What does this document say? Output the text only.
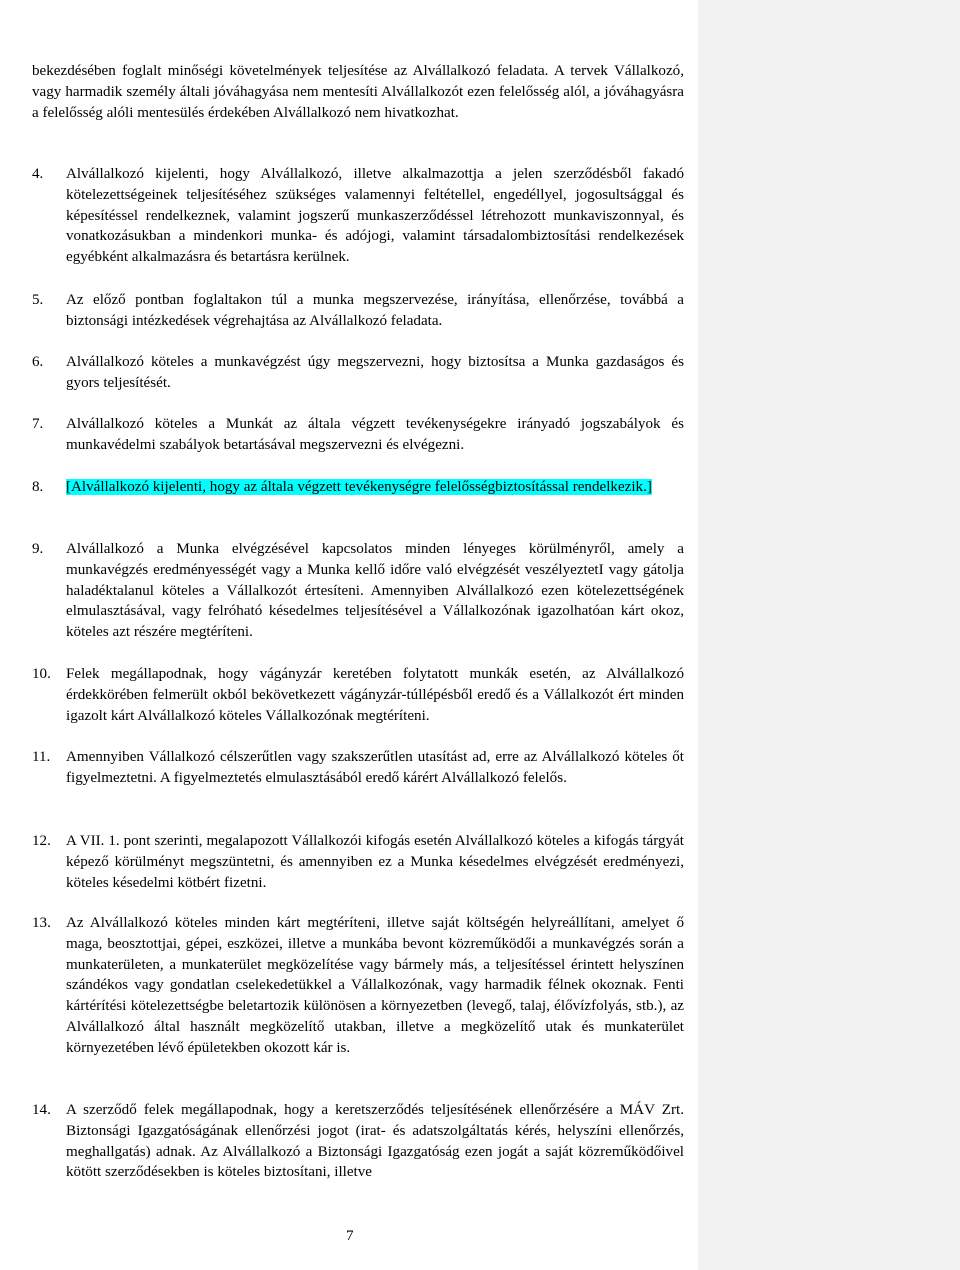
bekezdésében foglalt minőségi követelmények teljesítése az Alvállalkozó feladata. A tervek Vállalkozó, vagy harmadik személy általi jóváhagyása nem mentesíti Alvállalkozót ezen felelősség alól, a jóváhagyásra a felelősség alóli mentesülés érdekében Alvállalkozó nem hivatkozhat.

4. Alvállalkozó kijelenti, hogy Alvállalkozó, illetve alkalmazottja a jelen szerződésből fakadó kötelezettségeinek teljesítéséhez szükséges valamennyi feltétellel, engedéllyel, jogosultsággal és képesítéssel rendelkeznek, valamint jogszerű munkaszerződéssel létrehozott munkaviszonnyal, és vonatkozásukban a mindenkori munka- és adójogi, valamint társadalombiztosítási rendelkezések egyébként alkalmazásra és betartásra kerülnek.
5. Az előző pontban foglaltakon túl a munka megszervezése, irányítása, ellenőrzése, továbbá a biztonsági intézkedések végrehajtása az Alvállalkozó feladata.
6. Alvállalkozó köteles a munkavégzést úgy megszervezni, hogy biztosítsa a Munka gazdaságos és gyors teljesítését.
7. Alvállalkozó köteles a Munkát az általa végzett tevékenységekre irányadó jogszabályok és munkavédelmi szabályok betartásával megszervezni és elvégezni.
8. [Alvállalkozó kijelenti, hogy az általa végzett tevékenységre felelősségbiztosítással rendelkezik.]
9. Alvállalkozó a Munka elvégzésével kapcsolatos minden lényeges körülményről, amely a munkavégzés eredményességét vagy a Munka kellő időre való elvégzését veszélyeztetI vagy gátolja haladéktalanul köteles a Vállalkozót értesíteni. Amennyiben Alvállalkozó ezen kötelezettségének elmulasztásával, vagy felróható késedelmes teljesítésével a Vállalkozónak igazolhatóan kárt okoz, köteles azt részére megtéríteni.
10. Felek megállapodnak, hogy vágányzár keretében folytatott munkák esetén, az Alvállalkozó érdekkörében felmerült okból bekövetkezett vágányzár-túllépésből eredő és a Vállalkozót ért minden igazolt kárt Alvállalkozó köteles Vállalkozónak megtéríteni.
11. Amennyiben Vállalkozó célszerűtlen vagy szakszerűtlen utasítást ad, erre az Alvállalkozó köteles őt figyelmeztetni. A figyelmeztetés elmulasztásából eredő kárért Alvállalkozó felelős.
12. A VII. 1. pont szerinti, megalapozott Vállalkozói kifogás esetén Alvállalkozó köteles a kifogás tárgyát képező körülményt megszüntetni, és amennyiben ez a Munka késedelmes elvégzését eredményezi, köteles késedelmi kötbért fizetni.
13. Az Alvállalkozó köteles minden kárt megtéríteni, illetve saját költségén helyreállítani, amelyet ő maga, beosztottjai, gépei, eszközei, illetve a munkába bevont közreműködői a munkavégzés során a munkaterületen, a munkaterület megközelítése vagy bármely más, a teljesítéssel érintett helyszínen szándékos vagy gondatlan cselekedetükkel a Vállalkozónak, vagy harmadik félnek okoznak. Fenti kártérítési kötelezettségbe beletartozik különösen a környezetben (levegő, talaj, élővízfolyás, stb.), az Alvállalkozó által használt megközelítő utakban, illetve a megközelítő utak és munkaterület környezetében lévő épületekben okozott kár is.
14. A szerződő felek megállapodnak, hogy a keretszerződés teljesítésének ellenőrzésére a MÁV Zrt. Biztonsági Igazgatóságának ellenőrzési jogot (irat- és adatszolgáltatás kérés, helyszíni ellenőrzés, meghallgatás) adnak. Az Alvállalkozó a Biztonsági Igazgatóság ezen jogát a saját közreműködőivel kötött szerződésekben is köteles biztosítani, illetve
7
